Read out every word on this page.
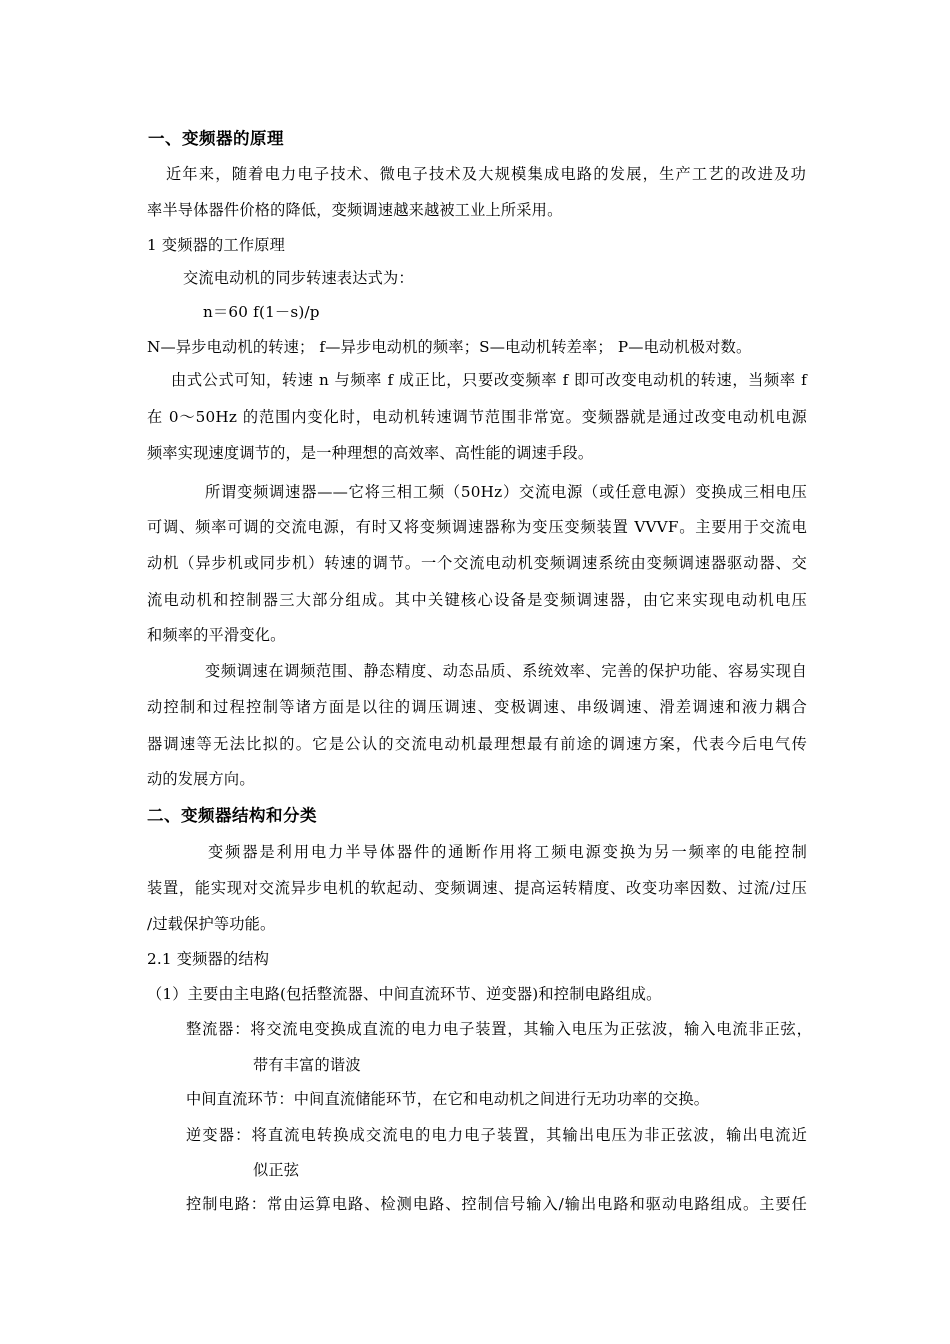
一、变频器的原理
近年来，随着电力电子技术、微电子技术及大规模集成电路的发展，生产工艺的改进及功
率半导体器件价格的降低，变频调速越来越被工业上所采用。
1 变频器的工作原理
交流电动机的同步转速表达式为：
n＝60 f(1－s)/p
N—异步电动机的转速； f—异步电动机的频率；S—电动机转差率； P—电动机极对数。
由式公式可知，转速 n 与频率 f 成正比，只要改变频率 f 即可改变电动机的转速，当频率 f
在 0～50Hz 的范围内变化时，电动机转速调节范围非常宽。变频器就是通过改变电动机电源
频率实现速度调节的，是一种理想的高效率、高性能的调速手段。
所谓变频调速器——它将三相工频（50Hz）交流电源（或任意电源）变换成三相电压
可调、频率可调的交流电源，有时又将变频调速器称为变压变频装置 VVVF。主要用于交流电
动机（异步机或同步机）转速的调节。一个交流电动机变频调速系统由变频调速器驱动器、交
流电动机和控制器三大部分组成。其中关键核心设备是变频调速器，由它来实现电动机电压
和频率的平滑变化。
变频调速在调频范围、静态精度、动态品质、系统效率、完善的保护功能、容易实现自
动控制和过程控制等诸方面是以往的调压调速、变极调速、串级调速、滑差调速和液力耦合
器调速等无法比拟的。它是公认的交流电动机最理想最有前途的调速方案，代表今后电气传
动的发展方向。
二、变频器结构和分类
变频器是利用电力半导体器件的通断作用将工频电源变换为另一频率的电能控制
装置，能实现对交流异步电机的软起动、变频调速、提高运转精度、改变功率因数、过流/过压
/过载保护等功能。
2.1 变频器的结构
（1）主要由主电路(包括整流器、中间直流环节、逆变器)和控制电路组成。
整流器：将交流电变换成直流的电力电子装置，其输入电压为正弦波，输入电流非正弦，
带有丰富的谐波
中间直流环节：中间直流储能环节，在它和电动机之间进行无功功率的交换。
逆变器：将直流电转换成交流电的电力电子装置，其输出电压为非正弦波，输出电流近
似正弦
控制电路：常由运算电路、检测电路、控制信号输入/输出电路和驱动电路组成。主要任
